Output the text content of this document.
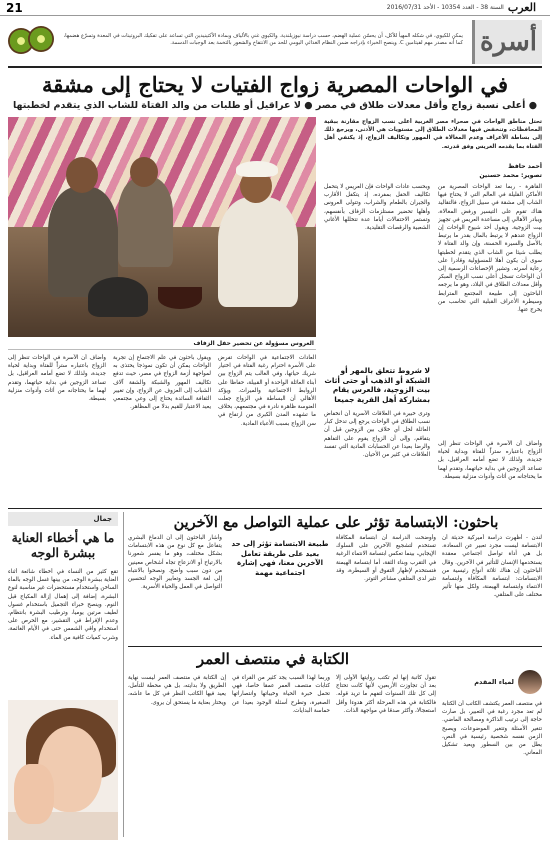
العرب
السنة 38 - العدد 10354 - الأحد 2016/07/31
21
أسرة
يمكن للكيوي، في شكله المهيأ للأكل، أن يحسّن عملية الهضم، حسب دراسة نيوزيلندية. والكيوي غني بالألياف وبمادة الأكتينيدين التي تساعد على تفكيك البروتينات في المعدة وتسرّع هضمها، كما أنه مصدر مهم لفيتامين C. وينصح الخبراء بإدراجه ضمن النظام الغذائي اليومي للحد من الانتفاخ والشعور بالتخمة بعد الوجبات الدسمة.
في الواحات المصرية زواج الفتيات لا يحتاج إلى مشقة
● أعلى نسبة زواج وأقل معدلات طلاق في مصر ● لا عراقيل أو طلبات من والد الفتاة للشاب الذي يتقدم لخطبتها
العروس مسؤولة عن تحضير حفل الزفاف
تحتل مناطق الواحات في صحراء مصر الغربية أعلى نسب الزواج مقارنة ببقية المحافظات، وتنخفض فيها معدلات الطلاق إلى مستويات هي الأدنى، ويرجع ذلك إلى بساطة الأعراف وعدم المغالاة في المهور وتكاليف الزواج، إذ يكتفي أهل الفتاة بما يقدمه العريس وفق قدرته.
أحمد حافظ
تصوير: محمد حسنين
القاهرة - ربما تعد الواحات المصرية من الأماكن القليلة في العالم التي لا يحتاج فيها الشاب إلى مشقة في سبيل الزواج، فالتقاليد هناك تقوم على التيسير ورفض المغالاة، ويبادر الأهالي إلى مساعدة العريس في تجهيز بيت الزوجية. ويقول أحد شيوخ الواحات إن الزواج عندهم لا يرتبط بالمال بقدر ما يرتبط بالأصل والسيرة الحسنة، وإن والد الفتاة لا يطلب شيئا من الشاب الذي يتقدم لخطبتها سوى أن يكون أهلا للمسؤولية وقادرا على رعاية أسرته. وتشير الإحصاءات الرسمية إلى أن الواحات تسجل أعلى نسب الزواج المبكر وأقل معدلات الطلاق في البلاد، وهو ما يرجعه الباحثون إلى طبيعة المجتمع المترابط وسيطرة الأعراف القبلية التي تحاسب من يخرج عنها.
وبحسب عادات الواحات فإن العريس لا يتحمل تكاليف الحفل بمفرده، إذ يتكفل الأقارب والجيران بالطعام والشراب، وتتولى العروس وأهلها تحضير مستلزمات الزفاف بأنفسهم، وتستمر الاحتفالات أياما عدة تتخللها الأغاني الشعبية والرقصات التقليدية.
لا شروط تتعلق بالمهر أو الشبكة أو الذهب أو حتى أثاث بيت الزوجية، فالعرس يقام بمشاركة أهل القرية جميعا
وترى خبيرة في العلاقات الأسرية أن انخفاض نسب الطلاق في الواحات يرجع إلى تدخل كبار العائلة لحل أي خلاف بين الزوجين قبل أن يتفاقم، وإلى أن الزواج يقوم على التفاهم والرضا بعيدا عن الحسابات المادية التي تفسد العلاقات في كثير من الأحيان.
وأضاف أن الأسرة في الواحات تنظر إلى الزواج باعتباره ستراً للفتاة وبداية لحياة جديدة، ولذلك لا تضع أمامه العراقيل، بل تساعد الزوجين في بداية حياتهما، وتقدم لهما ما يحتاجانه من أثاث وأدوات منزلية بسيطة.
العادات الاجتماعية في الواحات تفرض على الأسرة احترام رغبة الفتاة في اختيار شريك حياتها، وفي الغالب يتم الزواج بين أبناء العائلة الواحدة أو القبيلة، حفاظا على الروابط الاجتماعية والميراث. ويؤكد الأهالي أن البساطة في الزواج جعلت العنوسة ظاهرة نادرة في مجتمعهم، بخلاف ما تشهده المدن الكبرى من ارتفاع في سن الزواج بسبب الأعباء المادية.
ويقول باحثون في علم الاجتماع إن تجربة الواحات يمكن أن تكون نموذجا يحتذى به لمواجهة أزمة الزواج في مصر، حيث تدفع تكاليف المهور والشبكة والشقة آلاف الشباب إلى العزوف عن الزواج، وإن تغيير الثقافة السائدة يحتاج إلى وعي مجتمعي يعيد الاعتبار للقيم بدلا من المظاهر.
وأضاف أن الأسرة في الواحات تنظر إلى الزواج باعتباره ستراً للفتاة وبداية لحياة جديدة، ولذلك لا تضع أمامه العراقيل، بل تساعد الزوجين في بداية حياتهما، وتقدم لهما ما يحتاجانه من أثاث وأدوات منزلية بسيطة.
جمال
ما هي أخطاء العناية ببشرة الوجه
تقع كثير من النساء في أخطاء شائعة أثناء العناية ببشرة الوجه، من بينها غسل الوجه بالماء الساخن واستخدام مستحضرات غير مناسبة لنوع البشرة، إضافة إلى إهمال إزالة المكياج قبل النوم. وينصح خبراء التجميل باستخدام غسول لطيف مرتين يوميا، وترطيب البشرة بانتظام، وعدم الإفراط في التقشير، مع الحرص على استخدام واقي الشمس حتى في الأيام الغائمة، وشرب كميات كافية من الماء.
باحثون: الابتسامة تؤثر على عملية التواصل مع الآخرين
لندن - أظهرت دراسة أميركية حديثة أن الابتسامة ليست مجرد تعبير عن السعادة، بل هي أداة تواصل اجتماعي معقدة يستخدمها الإنسان للتأثير في الآخرين. وقال الباحثون إن هناك ثلاثة أنواع رئيسية من الابتسامات: ابتسامة المكافأة وابتسامة الانتماء وابتسامة الهيمنة، ولكل منها تأثير مختلف على المتلقي.
وأوضحت الدراسة أن ابتسامة المكافأة تستخدم لتشجيع الآخرين على السلوك الإيجابي، بينما تعكس ابتسامة الانتماء الرغبة في التقرب وبناء الثقة، أما ابتسامة الهيمنة فتستخدم لإظهار التفوق أو السيطرة، وقد تثير لدى المتلقي مشاعر التوتر.
طبيعة الابتسامة تؤثر إلى حد بعيد على طريقة تعامل الآخرين معنا، فهي إشارة اجتماعية مهمة
وأشار الباحثون إلى أن الدماغ البشري يتفاعل مع كل نوع من هذه الابتسامات بشكل مختلف، وهو ما يفسر شعورنا بالارتياح أو الانزعاج تجاه أشخاص معينين من دون سبب واضح. ونصحوا بالانتباه إلى لغة الجسد وتعابير الوجه لتحسين التواصل في العمل والحياة الأسرية.
الكتابة في منتصف العمر
لمياء المقدم
في منتصف العمر يكتشف الكاتب أن الكتابة لم تعد مجرد رغبة في التعبير، بل صارت حاجة إلى ترتيب الذاكرة ومصالحة الماضي. تتغير الأسئلة وتتغير الموضوعات، ويصبح الزمن نفسه شخصية رئيسية في النص، يطل من بين السطور ويعيد تشكيل المعاني.
تقول كاتبة إنها لم تكتب روايتها الأولى إلا بعد أن تجاوزت الأربعين، لأنها كانت تحتاج إلى كل تلك السنوات لتفهم ما تريد قوله. فالكتابة في هذه المرحلة أكثر هدوءا وأقل استعجالا، وأكثر صدقا في مواجهة الذات.
وربما لهذا السبب يجد كثير من القراء في كتابات منتصف العمر عمقا خاصا، فهي تحمل خبرة الحياة وخيباتها وانتصاراتها الصغيرة، وتطرح أسئلة الوجود بعيدا عن حماسة البدايات.
إن الكتابة في منتصف العمر ليست نهاية الطريق ولا بدايته، بل هي محطة للتأمل، يعيد فيها الكاتب النظر في كل ما عاشه، ويختار بعناية ما يستحق أن يروى.
